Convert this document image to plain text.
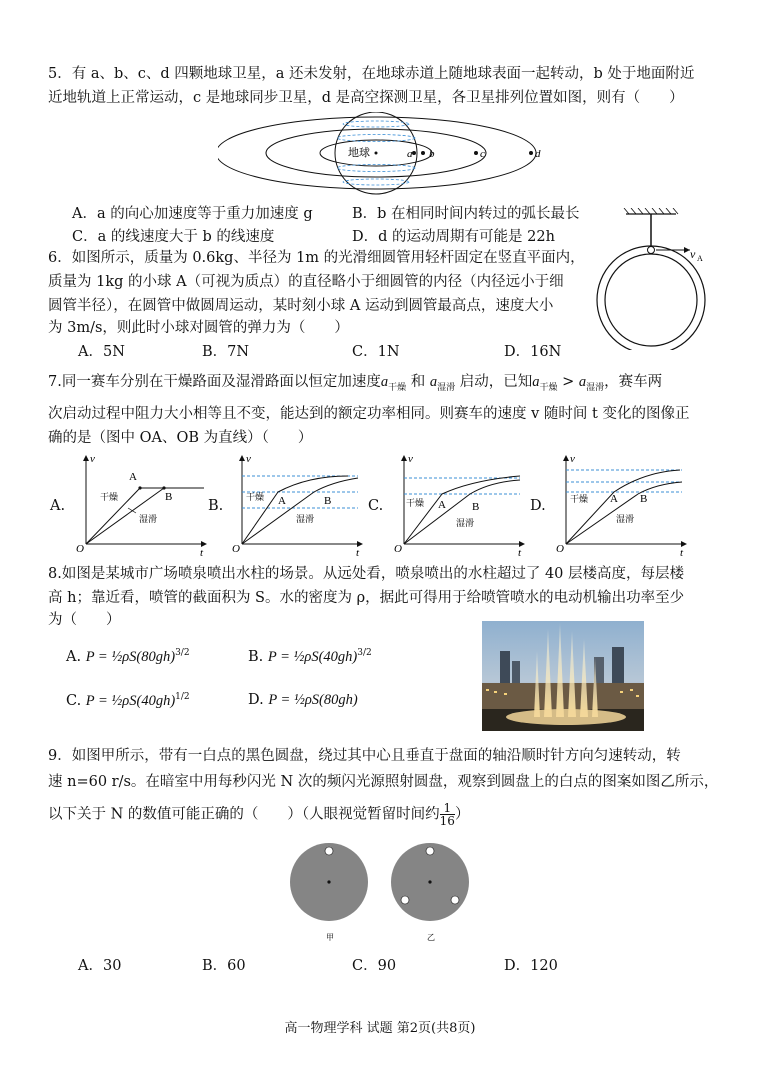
5．有 a、b、c、d 四颗地球卫星，a 还未发射，在地球赤道上随地球表面一起转动，b 处于地面附近
近地轨道上正常运动，c 是地球同步卫星，d 是高空探测卫星，各卫星排列位置如图，则有（　　）
地球	a b	c	d
A．a 的向心加速度等于重力加速度 g	B．b 在相同时间内转过的弧长最长
C．a 的线速度大于 b 的线速度	D．d 的运动周期有可能是 22h
6．如图所示，质量为 0.6kg、半径为 1m 的光滑细圆管用轻杆固定在竖直平面内，
质量为 1kg 的小球 A（可视为质点）的直径略小于细圆管的内径（内径远小于细
圆管半径），在圆管中做圆周运动，某时刻小球 A 运动到圆管最高点，速度大小
为 3m/s，则此时小球对圆管的弹力为（　　）
v A
A．5N	B．7N	C．1N	D．16N
7.同一赛车分别在干燥路面及湿滑路面以恒定加速度$a_{干燥}$ 和 $a_{湿滑}$ 启动，已知$a_{干燥} > a_{湿滑}$，赛车两
次启动过程中阻力大小相等且不变，能达到的额定功率相同。则赛车的速度 v 随时间 t 变化的图像正
确的是（图中 OA、OB 为直线）（　　）
A.	B.	C.	D.
v
t
O
A
B
干燥
湿滑
v
t
O
干燥 A	B
湿滑
v
t
O
干燥 A B
湿滑
v
t
O
干燥 A B
湿滑
8.如图是某城市广场喷泉喷出水柱的场景。从远处看，喷泉喷出的水柱超过了 40 层楼高度，每层楼
高 h；靠近看，喷管的截面积为 S。水的密度为 ρ，据此可得用于给喷管喷水的电动机输出功率至少
为（　　）
A. $P = \frac{1}{2}\rho S(80gh)^{3/2}$	B. $P = \frac{1}{2}\rho S(40gh)^{3/2}$
C. $P = \frac{1}{2}\rho S(40gh)^{1/2}$	D. P = ½ρS(80gh)
9．如图甲所示，带有一白点的黑色圆盘，绕过其中心且垂直于盘面的轴沿顺时针方向匀速转动，转
速 n=60 r/s。在暗室中用每秒闪光 N 次的频闪光源照射圆盘，观察到圆盘上的白点的图案如图乙所示，
以下关于 N 的数值可能正确的（　　）（人眼视觉暂留时间约 $\frac{1}{16}$ ）
甲	乙
A．30	B．60	C．90	D．120
高一物理学科 试题 第2页(共8页)
